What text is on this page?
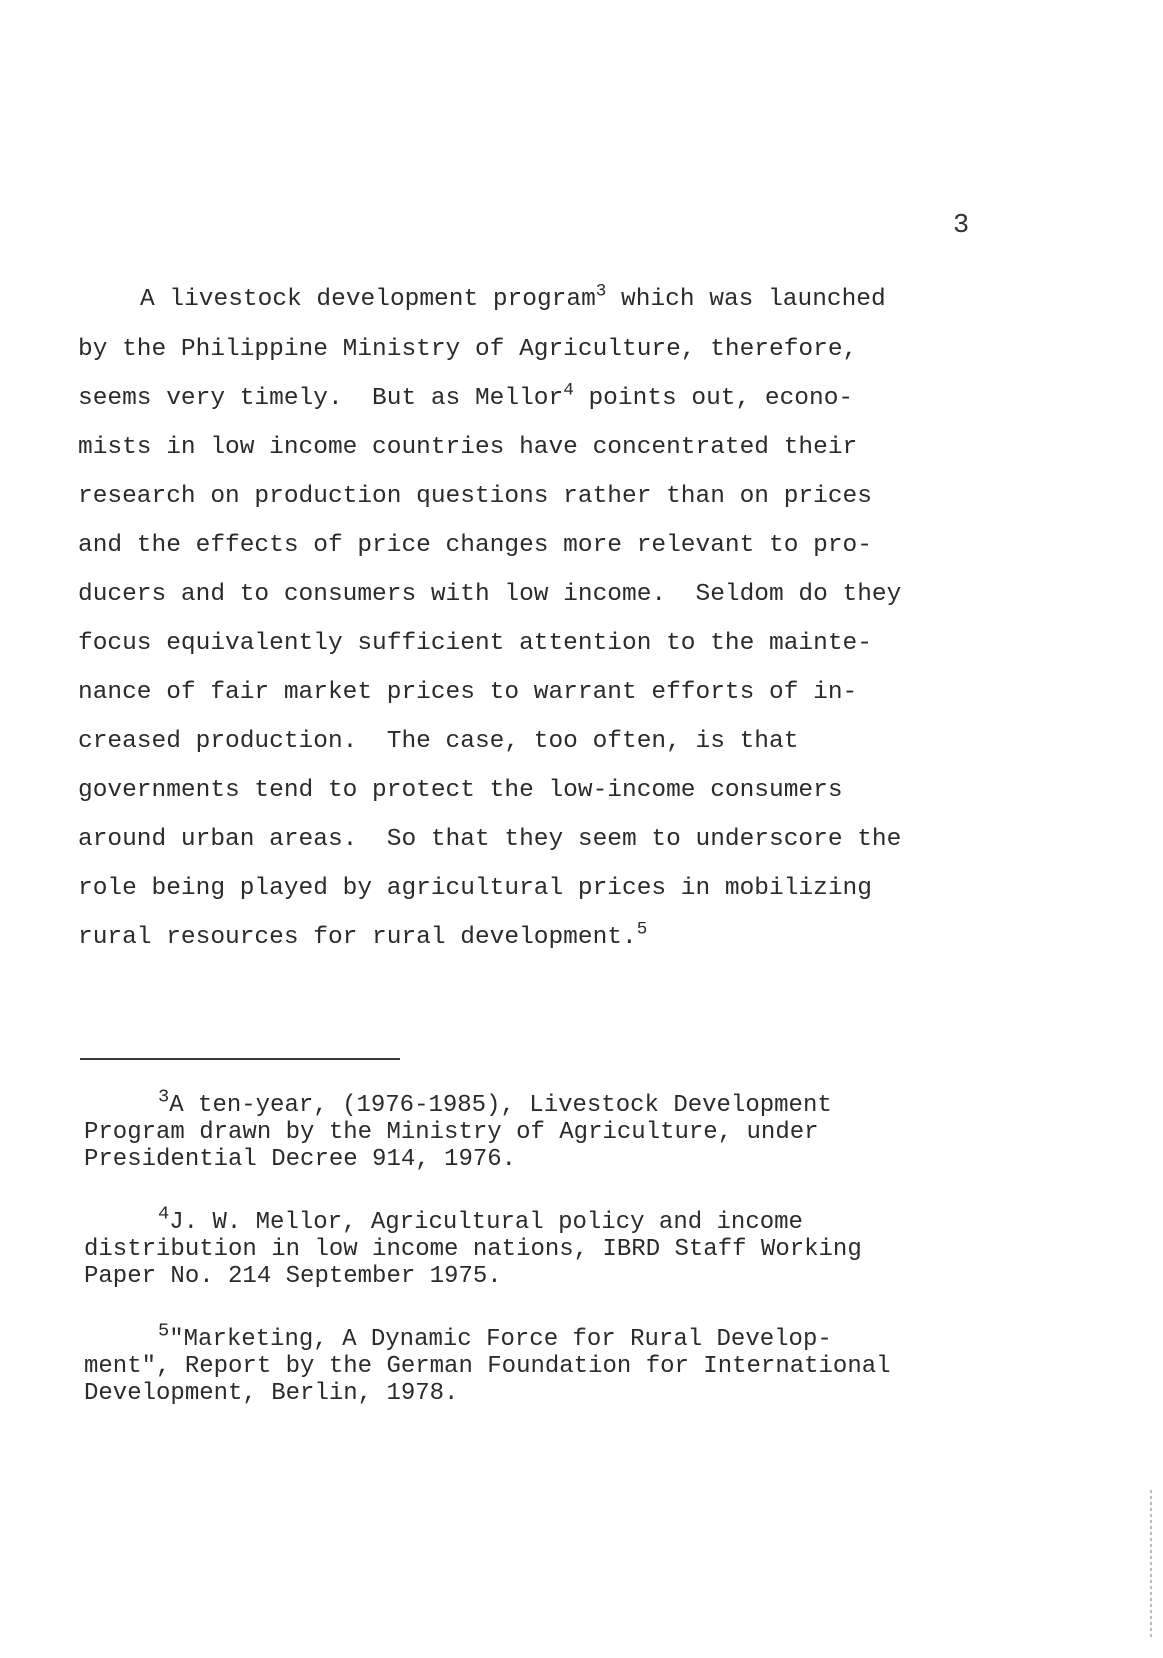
3
A livestock development program$^3$ which was launched
by the Philippine Ministry of Agriculture, therefore,
seems very timely.  But as Mellor$^4$ points out, econo-
mists in low income countries have concentrated their
research on production questions rather than on prices
and the effects of price changes more relevant to pro-
ducers and to consumers with low income.  Seldom do they
focus equivalently sufficient attention to the mainte-
nance of fair market prices to warrant efforts of in-
creased production.  The case, too often, is that
governments tend to protect the low-income consumers
around urban areas.  So that they seem to underscore the
role being played by agricultural prices in mobilizing
rural resources for rural development.$^5$
$^3$A ten-year, (1976-1985), Livestock Development
Program drawn by the Ministry of Agriculture, under
Presidential Decree 914, 1976.
$^4$J. W. Mellor, Agricultural policy and income
distribution in low income nations, IBRD Staff Working
Paper No. 214 September 1975.
$^5$"Marketing, A Dynamic Force for Rural Develop-
ment", Report by the German Foundation for International
Development, Berlin, 1978.
